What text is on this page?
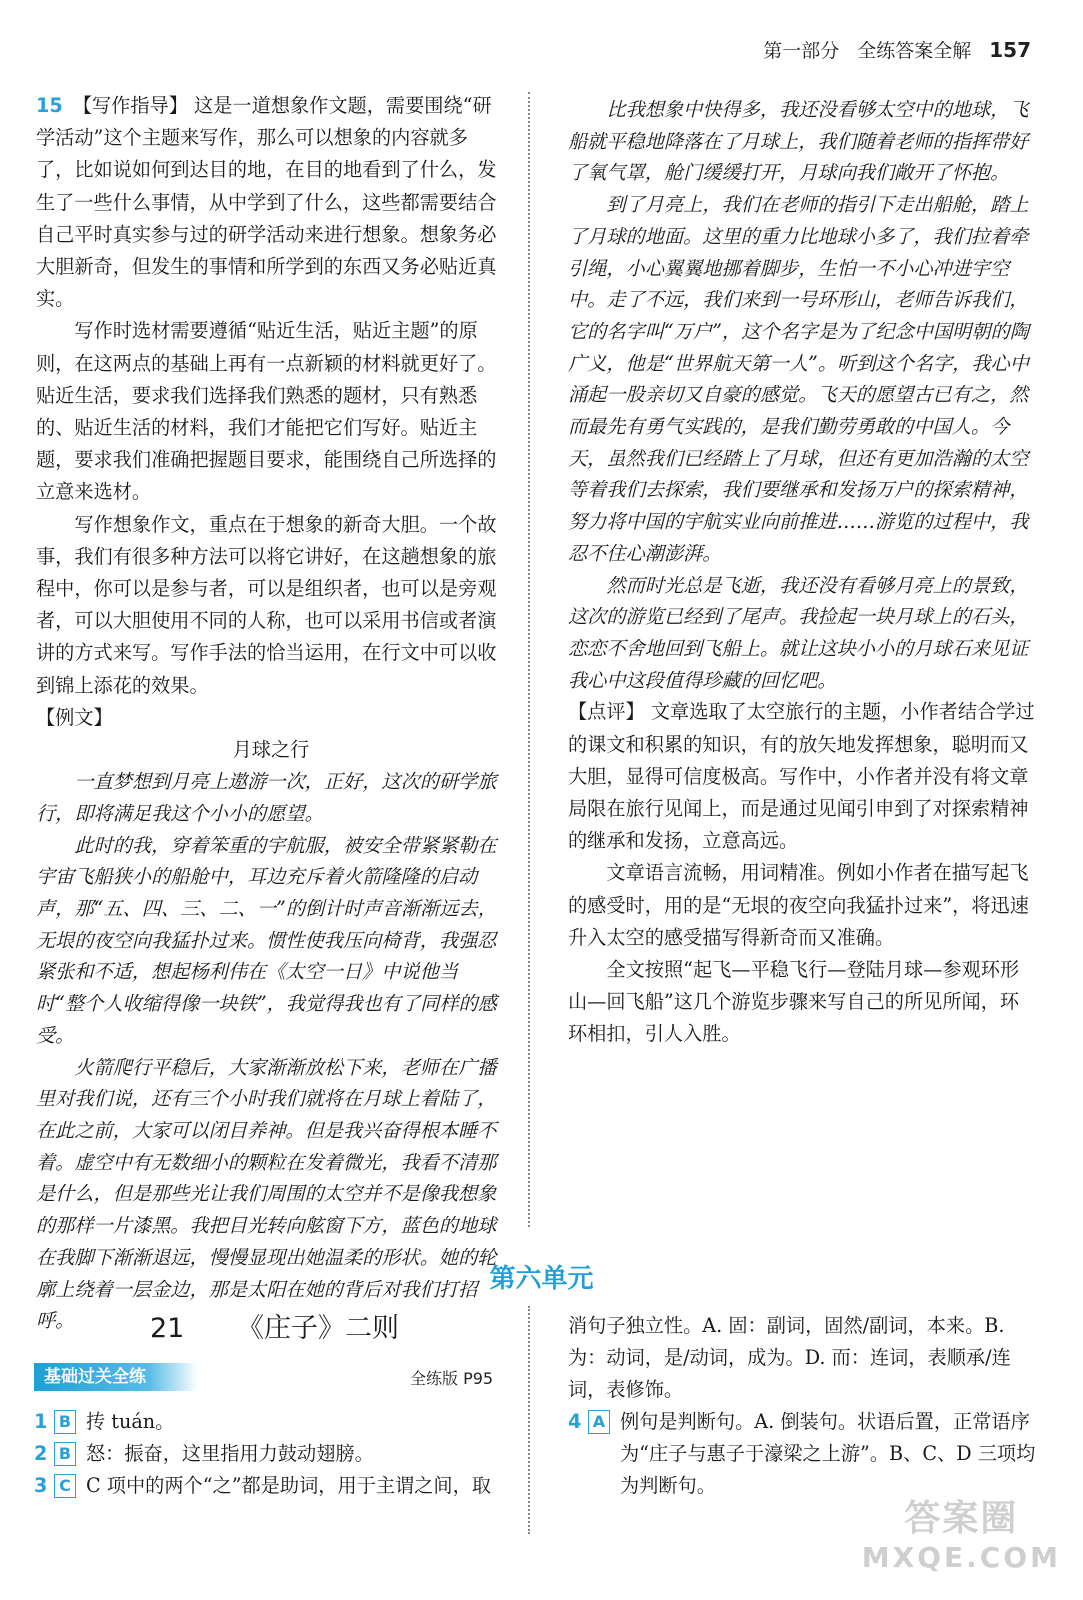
第一部分 全练答案全解 157

15 【写作指导】 这是一道想象作文题，需要围绕“研学活动”这个主题来写作，那么可以想象的内容就多了，比如说如何到达目的地，在目的地看到了什么，发生了一些什么事情，从中学到了什么，这些都需要结合自己平时真实参与过的研学活动来进行想象。想象务必大胆新奇，但发生的事情和所学到的东西又务必贴近真实。

写作时选材需要遵循“贴近生活，贴近主题”的原则，在这两点的基础上再有一点新颖的材料就更好了。贴近生活，要求我们选择我们熟悉的题材，只有熟悉的、贴近生活的材料，我们才能把它们写好。贴近主题，要求我们准确把握题目要求，能围绕自己所选择的立意来选材。

写作想象作文，重点在于想象的新奇大胆。一个故事，我们有很多种方法可以将它讲好，在这趟想象的旅程中，你可以是参与者，可以是组织者，也可以是旁观者，可以大胆使用不同的人称，也可以采用书信或者演讲的方式来写。写作手法的恰当运用，在行文中可以收到锦上添花的效果。

【例文】

月球之行

一直梦想到月亮上遨游一次，正好，这次的研学旅行，即将满足我这个小小的愿望。

此时的我，穿着笨重的宇航服，被安全带紧紧勒在宇宙飞船狭小的船舱中，耳边充斥着火箭隆隆的启动声，那“五、四、三、二、一”的倒计时声音渐渐远去，无垠的夜空向我猛扑过来。惯性使我压向椅背，我强忍紧张和不适，想起杨利伟在《太空一日》中说他当时“整个人收缩得像一块铁”，我觉得我也有了同样的感受。

火箭爬行平稳后，大家渐渐放松下来，老师在广播里对我们说，还有三个小时我们就将在月球上着陆了，在此之前，大家可以闭目养神。但是我兴奋得根本睡不着。虚空中有无数细小的颗粒在发着微光，我看不清那是什么，但是那些光让我们周围的太空并不是像我想象的那样一片漆黑。我把目光转向舷窗下方，蓝色的地球在我脚下渐渐退远，慢慢显现出她温柔的形状。她的轮廓上绕着一层金边，那是太阳在她的背后对我们打招呼。

比我想象中快得多，我还没看够太空中的地球，飞船就平稳地降落在了月球上，我们随着老师的指挥带好了氧气罩，舱门缓缓打开，月球向我们敞开了怀抱。

到了月亮上，我们在老师的指引下走出船舱，踏上了月球的地面。这里的重力比地球小多了，我们拉着牵引绳，小心翼翼地挪着脚步，生怕一不小心冲进宇空中。走了不远，我们来到一号环形山，老师告诉我们，它的名字叫“万户”，这个名字是为了纪念中国明朝的陶广义，他是“世界航天第一人”。听到这个名字，我心中涌起一股亲切又自豪的感觉。飞天的愿望古已有之，然而最先有勇气实践的，是我们勤劳勇敢的中国人。今天，虽然我们已经踏上了月球，但还有更加浩瀚的太空等着我们去探索，我们要继承和发扬万户的探索精神，努力将中国的宇航实业向前推进……游览的过程中，我忍不住心潮澎湃。

然而时光总是飞逝，我还没有看够月亮上的景致，这次的游览已经到了尾声。我捡起一块月球上的石头，恋恋不舍地回到飞船上。就让这块小小的月球石来见证我心中这段值得珍藏的回忆吧。

【点评】 文章选取了太空旅行的主题，小作者结合学过的课文和积累的知识，有的放矢地发挥想象，聪明而又大胆，显得可信度极高。写作中，小作者并没有将文章局限在旅行见闻上，而是通过见闻引申到了对探索精神的继承和发扬，立意高远。

文章语言流畅，用词精准。例如小作者在描写起飞的感受时，用的是“无垠的夜空向我猛扑过来”，将迅速升入太空的感受描写得新奇而又准确。

全文按照“起飞—平稳飞行—登陆月球—参观环形山—回飞船”这几个游览步骤来写自己的所见所闻，环环相扣，引人入胜。

第六单元
21 《庄子》二则
基础过关全练	全练版 P95
1 B 抟 tuán。

2 B 怒：振奋，这里指用力鼓动翅膀。

3 C C 项中的两个“之”都是助词，用于主谓之间，取

消句子独立性。A. 固：副词，固然/副词，本来。B. 为：动词，是/动词，成为。D. 而：连词，表顺承/连词，表修饰。

4 A 例句是判断句。A. 倒装句。状语后置，正常语序为“庄子与惠子于濠梁之上游”。B、C、D 三项均为判断句。

答案圈
MXQE.COM
